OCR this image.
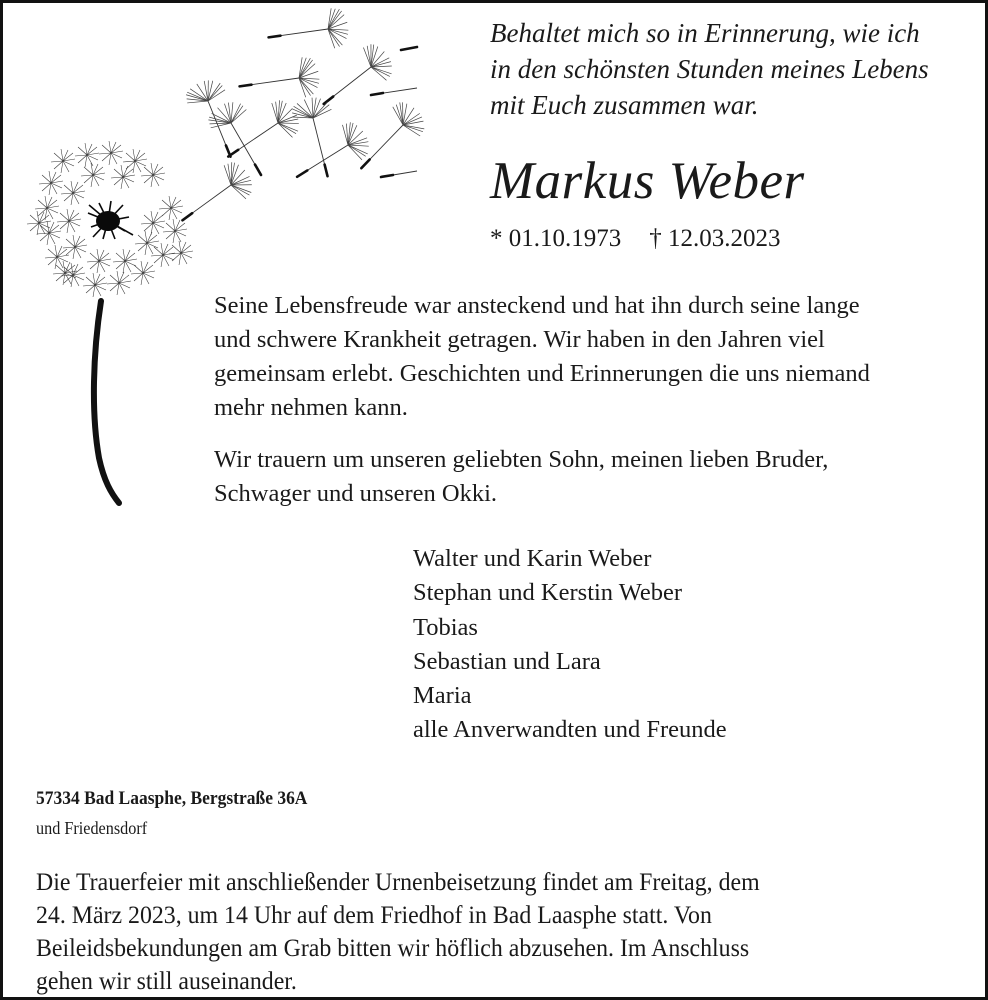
Behaltet mich so in Erinnerung, wie ich
in den schönsten Stunden meines Lebens
mit Euch zusammen war.
Markus Weber
* 01.10.1973 † 12.03.2023
Seine Lebensfreude war ansteckend und hat ihn durch seine lange
und schwere Krankheit getragen. Wir haben in den Jahren viel
gemeinsam erlebt. Geschichten und Erinnerungen die uns niemand
mehr nehmen kann.
Wir trauern um unseren geliebten Sohn, meinen lieben Bruder,
Schwager und unseren Okki.
Walter und Karin Weber
Stephan und Kerstin Weber
Tobias
Sebastian und Lara
Maria
alle Anverwandten und Freunde
57334 Bad Laasphe, Bergstraße 36A
und Friedensdorf
Die Trauerfeier mit anschließender Urnenbeisetzung findet am Freitag, dem
24. März 2023, um 14 Uhr auf dem Friedhof in Bad Laasphe statt. Von
Beileidsbekundungen am Grab bitten wir höflich abzusehen. Im Anschluss
gehen wir still auseinander.
